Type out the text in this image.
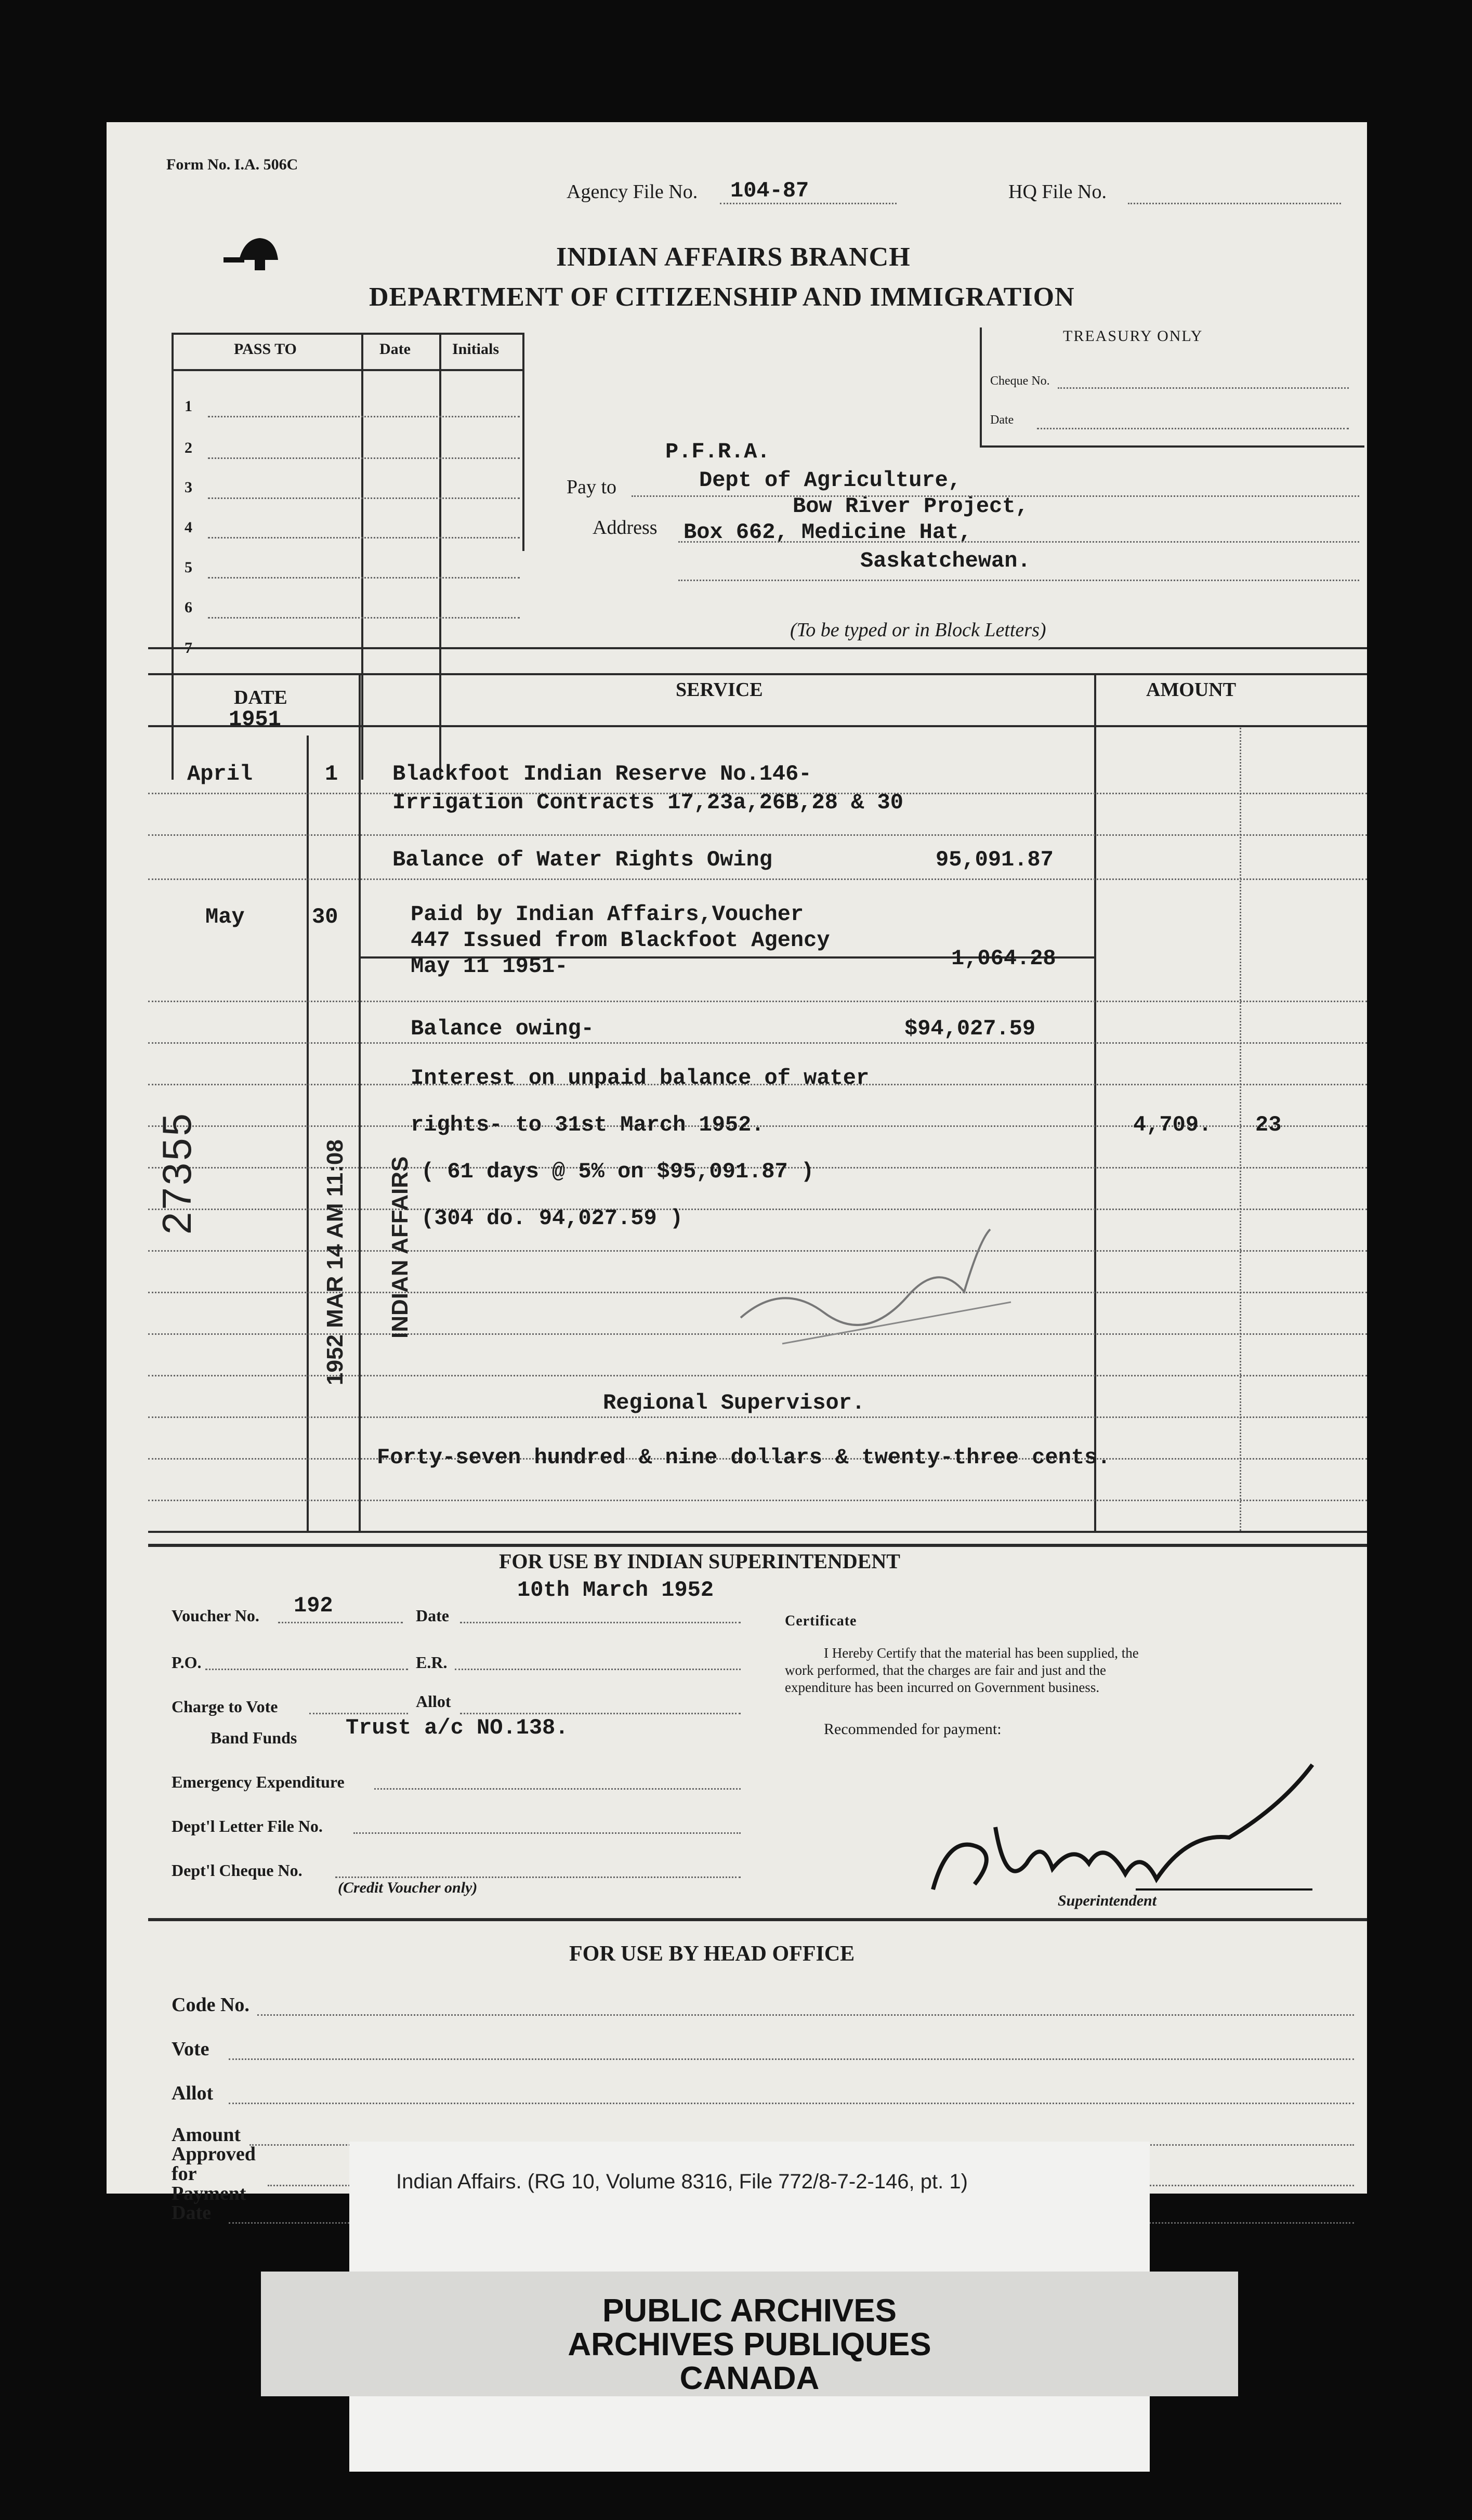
Form No. I.A. 506C
Agency File No. 104-87	HQ File No.
INDIAN AFFAIRS BRANCH
DEPARTMENT OF CITIZENSHIP AND IMMIGRATION
PASS TO	Date	Initials
1
2
3
4
5
6
7
TREASURY ONLY
Cheque No.
Date
Pay to
Address
P.F.R.A.
Dept of Agriculture,
Bow River Project,
Box 662, Medicine Hat,
Saskatchewan.
(To be typed or in Block Letters)
DATE
1951
SERVICE	AMOUNT
April	1 Blackfoot Indian Reserve No.146-
Irrigation Contracts 17,23a,26B,28 & 30
Balance of Water Rights Owing	95,091.87
May	30	Paid by Indian Affairs,Voucher
447 Issued from Blackfoot Agency
May 11 1951-	1,064.28
Balance owing-	$94,027.59
Interest on unpaid balance of water
rights- to 31st March 1952.	4,709. 23
( 61 days @ 5% on $95,091.87 )
(304 do. 94,027.59 )
Regional Supervisor.
Forty-seven hundred & nine dollars & twenty-three cents.
27355	1952 MAR 14 AM 11:08 INDIAN AFFAIRS
FOR USE BY INDIAN SUPERINTENDENT
Voucher No. 192	Date
10th March 1952
P.O.	E.R.
Charge to Vote	Allot
Band Funds Trust a/c NO.138.
Emergency Expenditure
Dept'l Letter File No.
Dept'l Cheque No.
(Credit Voucher only)
Certificate
I Hereby Certify that the material has been supplied, the
work performed, that the charges are fair and just and the
expenditure has been incurred on Government business.
Recommended for payment:
Superintendent
FOR USE BY HEAD OFFICE
Code No.
Vote
Allot
Amount
Approved for Payment
Date
Indian Affairs. (RG 10, Volume 8316, File 772/8-7-2-146, pt. 1)
PUBLIC ARCHIVES
ARCHIVES PUBLIQUES
CANADA
